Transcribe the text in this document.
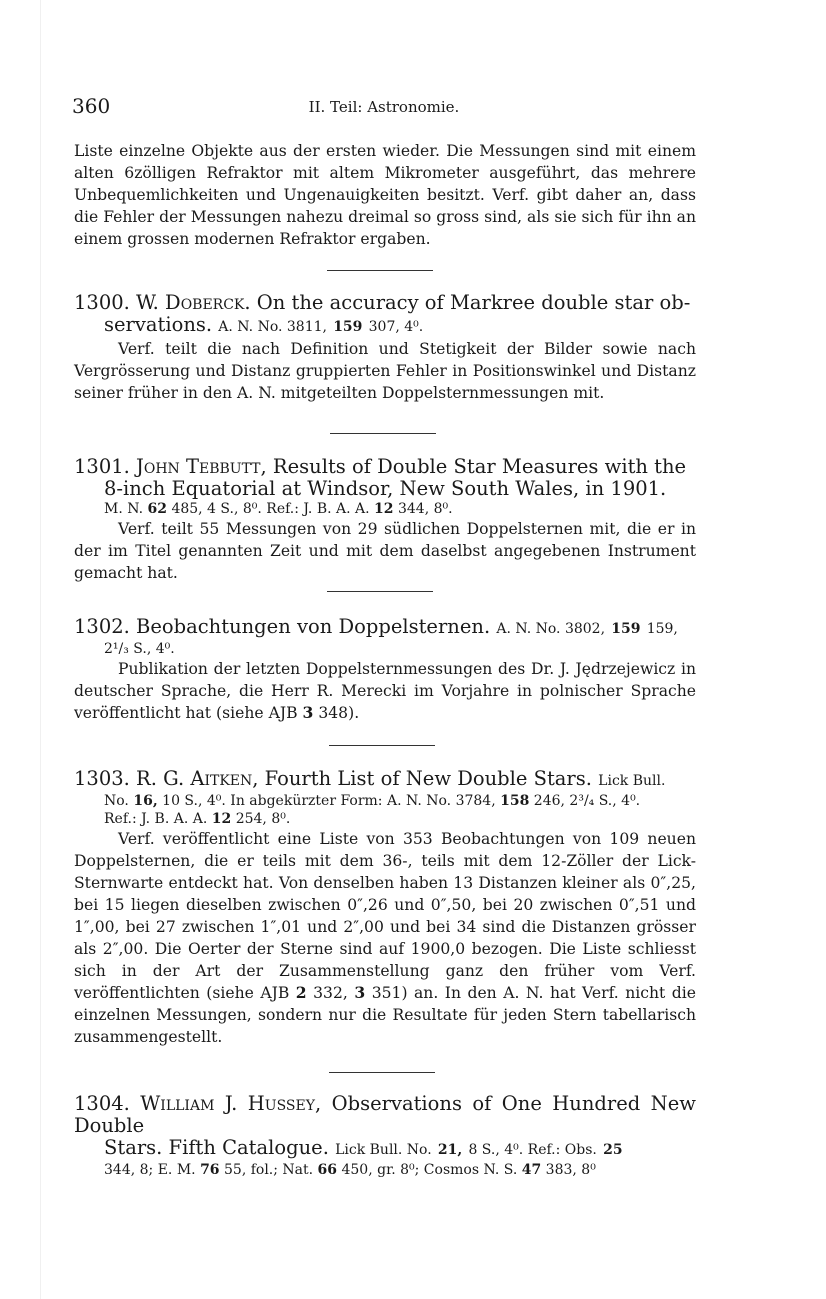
360	II. Teil: Astronomie.

Liste einzelne Objekte aus der ersten wieder. Die Messungen sind mit einem alten 6zölligen Refraktor mit altem Mikrometer ausgeführt, das mehrere Unbequemlichkeiten und Ungenauigkeiten besitzt. Verf. gibt daher an, dass die Fehler der Messungen nahezu dreimal so gross sind, als sie sich für ihn an einem grossen modernen Refraktor ergaben.

1300. W. Doberck. On the accuracy of Markree double star ob-

servations. A. N. No. 3811, 159 307, 4⁰.

Verf. teilt die nach Definition und Stetigkeit der Bilder sowie nach Vergrösserung und Distanz gruppierten Fehler in Positionswinkel und Distanz seiner früher in den A. N. mitgeteilten Doppelsternmessungen mit.

1301. John Tebbutt, Results of Double Star Measures with the

8-inch Equatorial at Windsor, New South Wales, in 1901.

M. N. 62 485, 4 S., 8⁰. Ref.: J. B. A. A. 12 344, 8⁰.

Verf. teilt 55 Messungen von 29 südlichen Doppelsternen mit, die er in der im Titel genannten Zeit und mit dem daselbst angegebenen Instrument gemacht hat.

1302. Beobachtungen von Doppelsternen. A. N. No. 3802, 159 159,

2¹/₃ S., 4⁰.

Publikation der letzten Doppelsternmessungen des Dr. J. Jędrzejewicz in deutscher Sprache, die Herr R. Merecki im Vorjahre in polnischer Sprache veröffentlicht hat (siehe AJB 3 348).

1303. R. G. Aitken, Fourth List of New Double Stars. Lick Bull.

No. 16, 10 S., 4⁰. In abgekürzter Form: A. N. No. 3784, 158 246, 2³/₄ S., 4⁰.

Ref.: J. B. A. A. 12 254, 8⁰.

Verf. veröffentlicht eine Liste von 353 Beobachtungen von 109 neuen Doppelsternen, die er teils mit dem 36-, teils mit dem 12-Zöller der Lick-Sternwarte entdeckt hat. Von denselben haben 13 Distanzen kleiner als 0″,25, bei 15 liegen dieselben zwischen 0″,26 und 0″,50, bei 20 zwischen 0″,51 und 1″,00, bei 27 zwischen 1″,01 und 2″,00 und bei 34 sind die Distanzen grösser als 2″,00. Die Oerter der Sterne sind auf 1900,0 bezogen. Die Liste schliesst sich in der Art der Zusammenstellung ganz den früher vom Verf. veröffentlichten (siehe AJB 2 332, 3 351) an. In den A. N. hat Verf. nicht die einzelnen Messungen, sondern nur die Resultate für jeden Stern tabellarisch zusammengestellt.

1304. William J. Hussey, Observations of One Hundred New Double

Stars. Fifth Catalogue. Lick Bull. No. 21, 8 S., 4⁰. Ref.: Obs. 25

344, 8; E. M. 76 55, fol.; Nat. 66 450, gr. 8⁰; Cosmos N. S. 47 383, 8⁰
